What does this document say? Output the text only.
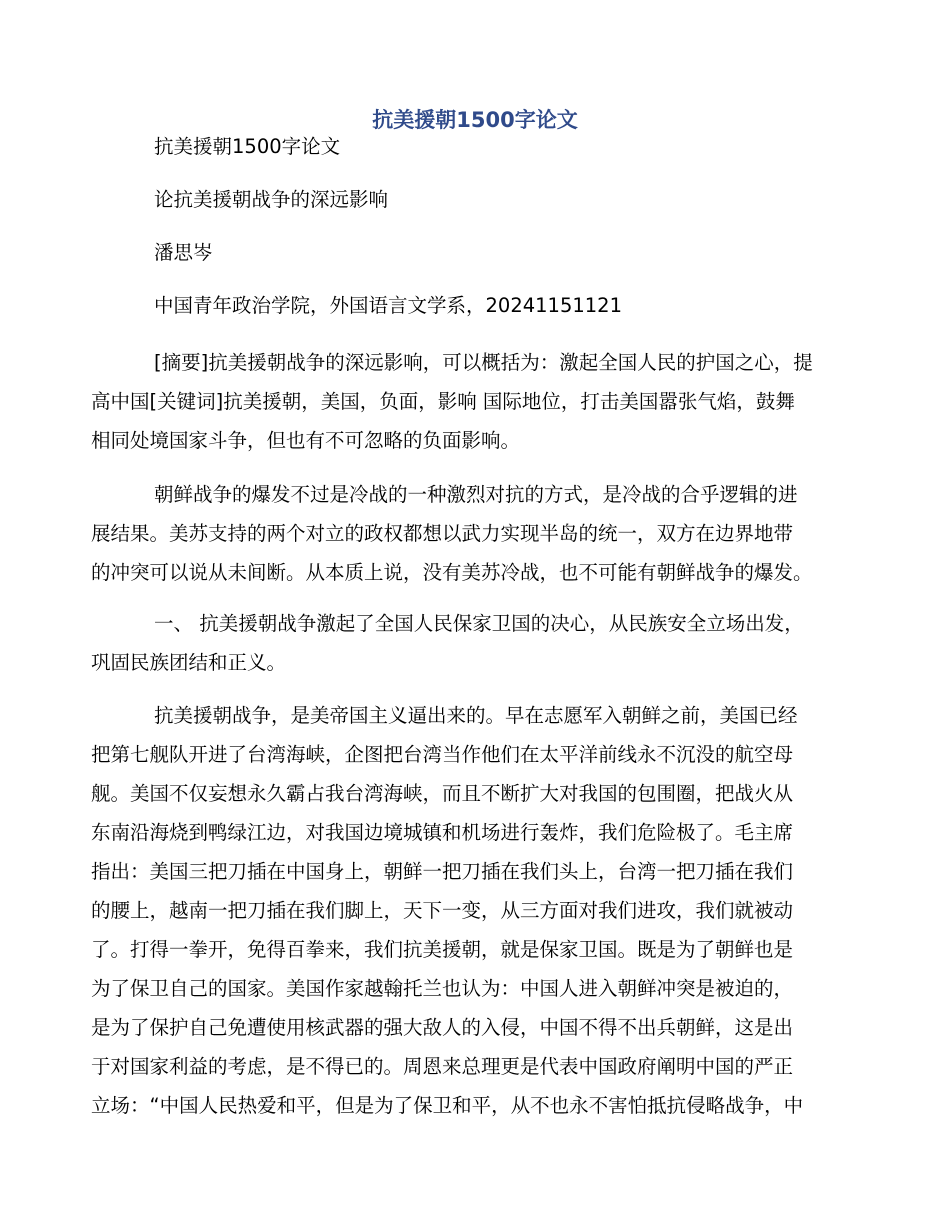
抗美援朝1500字论文
抗美援朝1500字论文
论抗美援朝战争的深远影响
潘思岑
中国青年政治学院，外国语言文学系，20241151121
[摘要]抗美援朝战争的深远影响，可以概括为：激起全国人民的护国之心，提
高中国[关键词]抗美援朝，美国，负面，影响 国际地位，打击美国嚣张气焰，鼓舞
相同处境国家斗争，但也有不可忽略的负面影响。
朝鲜战争的爆发不过是冷战的一种激烈对抗的方式，是冷战的合乎逻辑的进
展结果。美苏支持的两个对立的政权都想以武力实现半岛的统一，双方在边界地带
的冲突可以说从未间断。从本质上说，没有美苏冷战，也不可能有朝鲜战争的爆发。
一、 抗美援朝战争激起了全国人民保家卫国的决心，从民族安全立场出发，
巩固民族团结和正义。
抗美援朝战争，是美帝国主义逼出来的。早在志愿军入朝鲜之前，美国已经
把第七舰队开进了台湾海峡，企图把台湾当作他们在太平洋前线永不沉没的航空母
舰。美国不仅妄想永久霸占我台湾海峡，而且不断扩大对我国的包围圈，把战火从
东南沿海烧到鸭绿江边，对我国边境城镇和机场进行轰炸，我们危险极了。毛主席
指出：美国三把刀插在中国身上，朝鲜一把刀插在我们头上，台湾一把刀插在我们
的腰上，越南一把刀插在我们脚上，天下一变，从三方面对我们进攻，我们就被动
了。打得一拳开，免得百拳来，我们抗美援朝，就是保家卫国。既是为了朝鲜也是
为了保卫自己的国家。美国作家越翰托兰也认为：中国人进入朝鲜冲突是被迫的，
是为了保护自己免遭使用核武器的强大敌人的入侵，中国不得不出兵朝鲜，这是出
于对国家利益的考虑，是不得已的。周恩来总理更是代表中国政府阐明中国的严正
立场：“中国人民热爱和平，但是为了保卫和平，从不也永不害怕抵抗侵略战争，中
